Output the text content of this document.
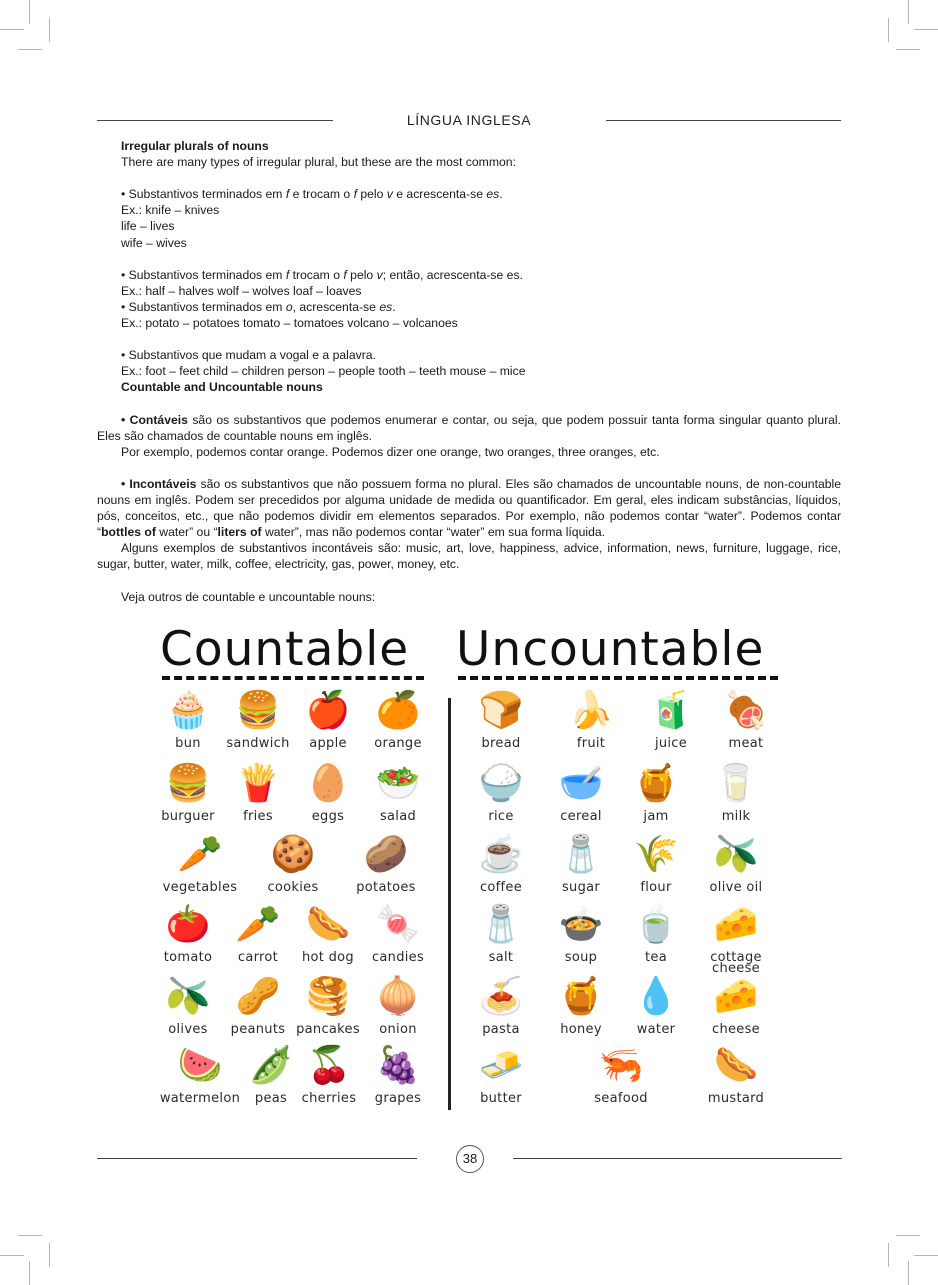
LÍNGUA INGLESA

Irregular plurals of nouns

There are many types of irregular plural, but these are the most common:

• Substantivos terminados em f e trocam o f pelo v e acrescenta-se es.

Ex.: knife – knives

life – lives

wife – wives

• Substantivos terminados em f trocam o f pelo v; então, acrescenta-se es.

Ex.: half – halves wolf – wolves loaf – loaves

• Substantivos terminados em o, acrescenta-se es.

Ex.: potato – potatoes tomato – tomatoes volcano – volcanoes

• Substantivos que mudam a vogal e a palavra.

Ex.: foot – feet child – children person – people tooth – teeth mouse – mice

Countable and Uncountable nouns

• Contáveis são os substantivos que podemos enumerar e contar, ou seja, que podem possuir tanta forma singular quanto plural. Eles são chamados de countable nouns em inglês.

Por exemplo, podemos contar orange. Podemos dizer one orange, two oranges, three oranges, etc.

• Incontáveis são os substantivos que não possuem forma no plural. Eles são chamados de uncountable nouns, de non-countable nouns em inglês. Podem ser precedidos por alguma unidade de medida ou quantificador. Em geral, eles indicam substâncias, líquidos, pós, conceitos, etc., que não podemos dividir em elementos separados. Por exemplo, não podemos contar “water”. Podemos contar “bottles of water” ou “liters of water”, mas não podemos contar “water” em sua forma líquida.

Alguns exemplos de substantivos incontáveis são: music, art, love, happiness, advice, information, news, furniture, luggage, rice, sugar, butter, water, milk, coffee, electricity, gas, power, money, etc.

Veja outros de countable e uncountable nouns:

Countable Uncountable
🧁
bun
🍔
sandwich
🍎
apple
🍊
orange
🍔
burguer
🍟
fries
🥚
eggs
🥗
salad
🥕
vegetables
🍪
cookies
🥔
potatoes
🍅
tomato
🥕
carrot
🌭
hot dog
🍬
candies
🫒
olives
🥜
peanuts
🥞
pancakes
🧅
onion
🍉
watermelon
🫛
peas
🍒
cherries
🍇
grapes
🍞
bread
🍌
fruit
🧃
juice
🍖
meat
🍚
rice
🥣
cereal
🍯
jam
🥛
milk
☕
coffee
🧂
sugar
🌾
flour
🫒
olive oil
🧂
salt
🍲
soup
🍵
tea
🧀
cottage cheese
🍝
pasta
🍯
honey
💧
water
🧀
cheese
🧈
butter
🦐
seafood
🌭
mustard
38
